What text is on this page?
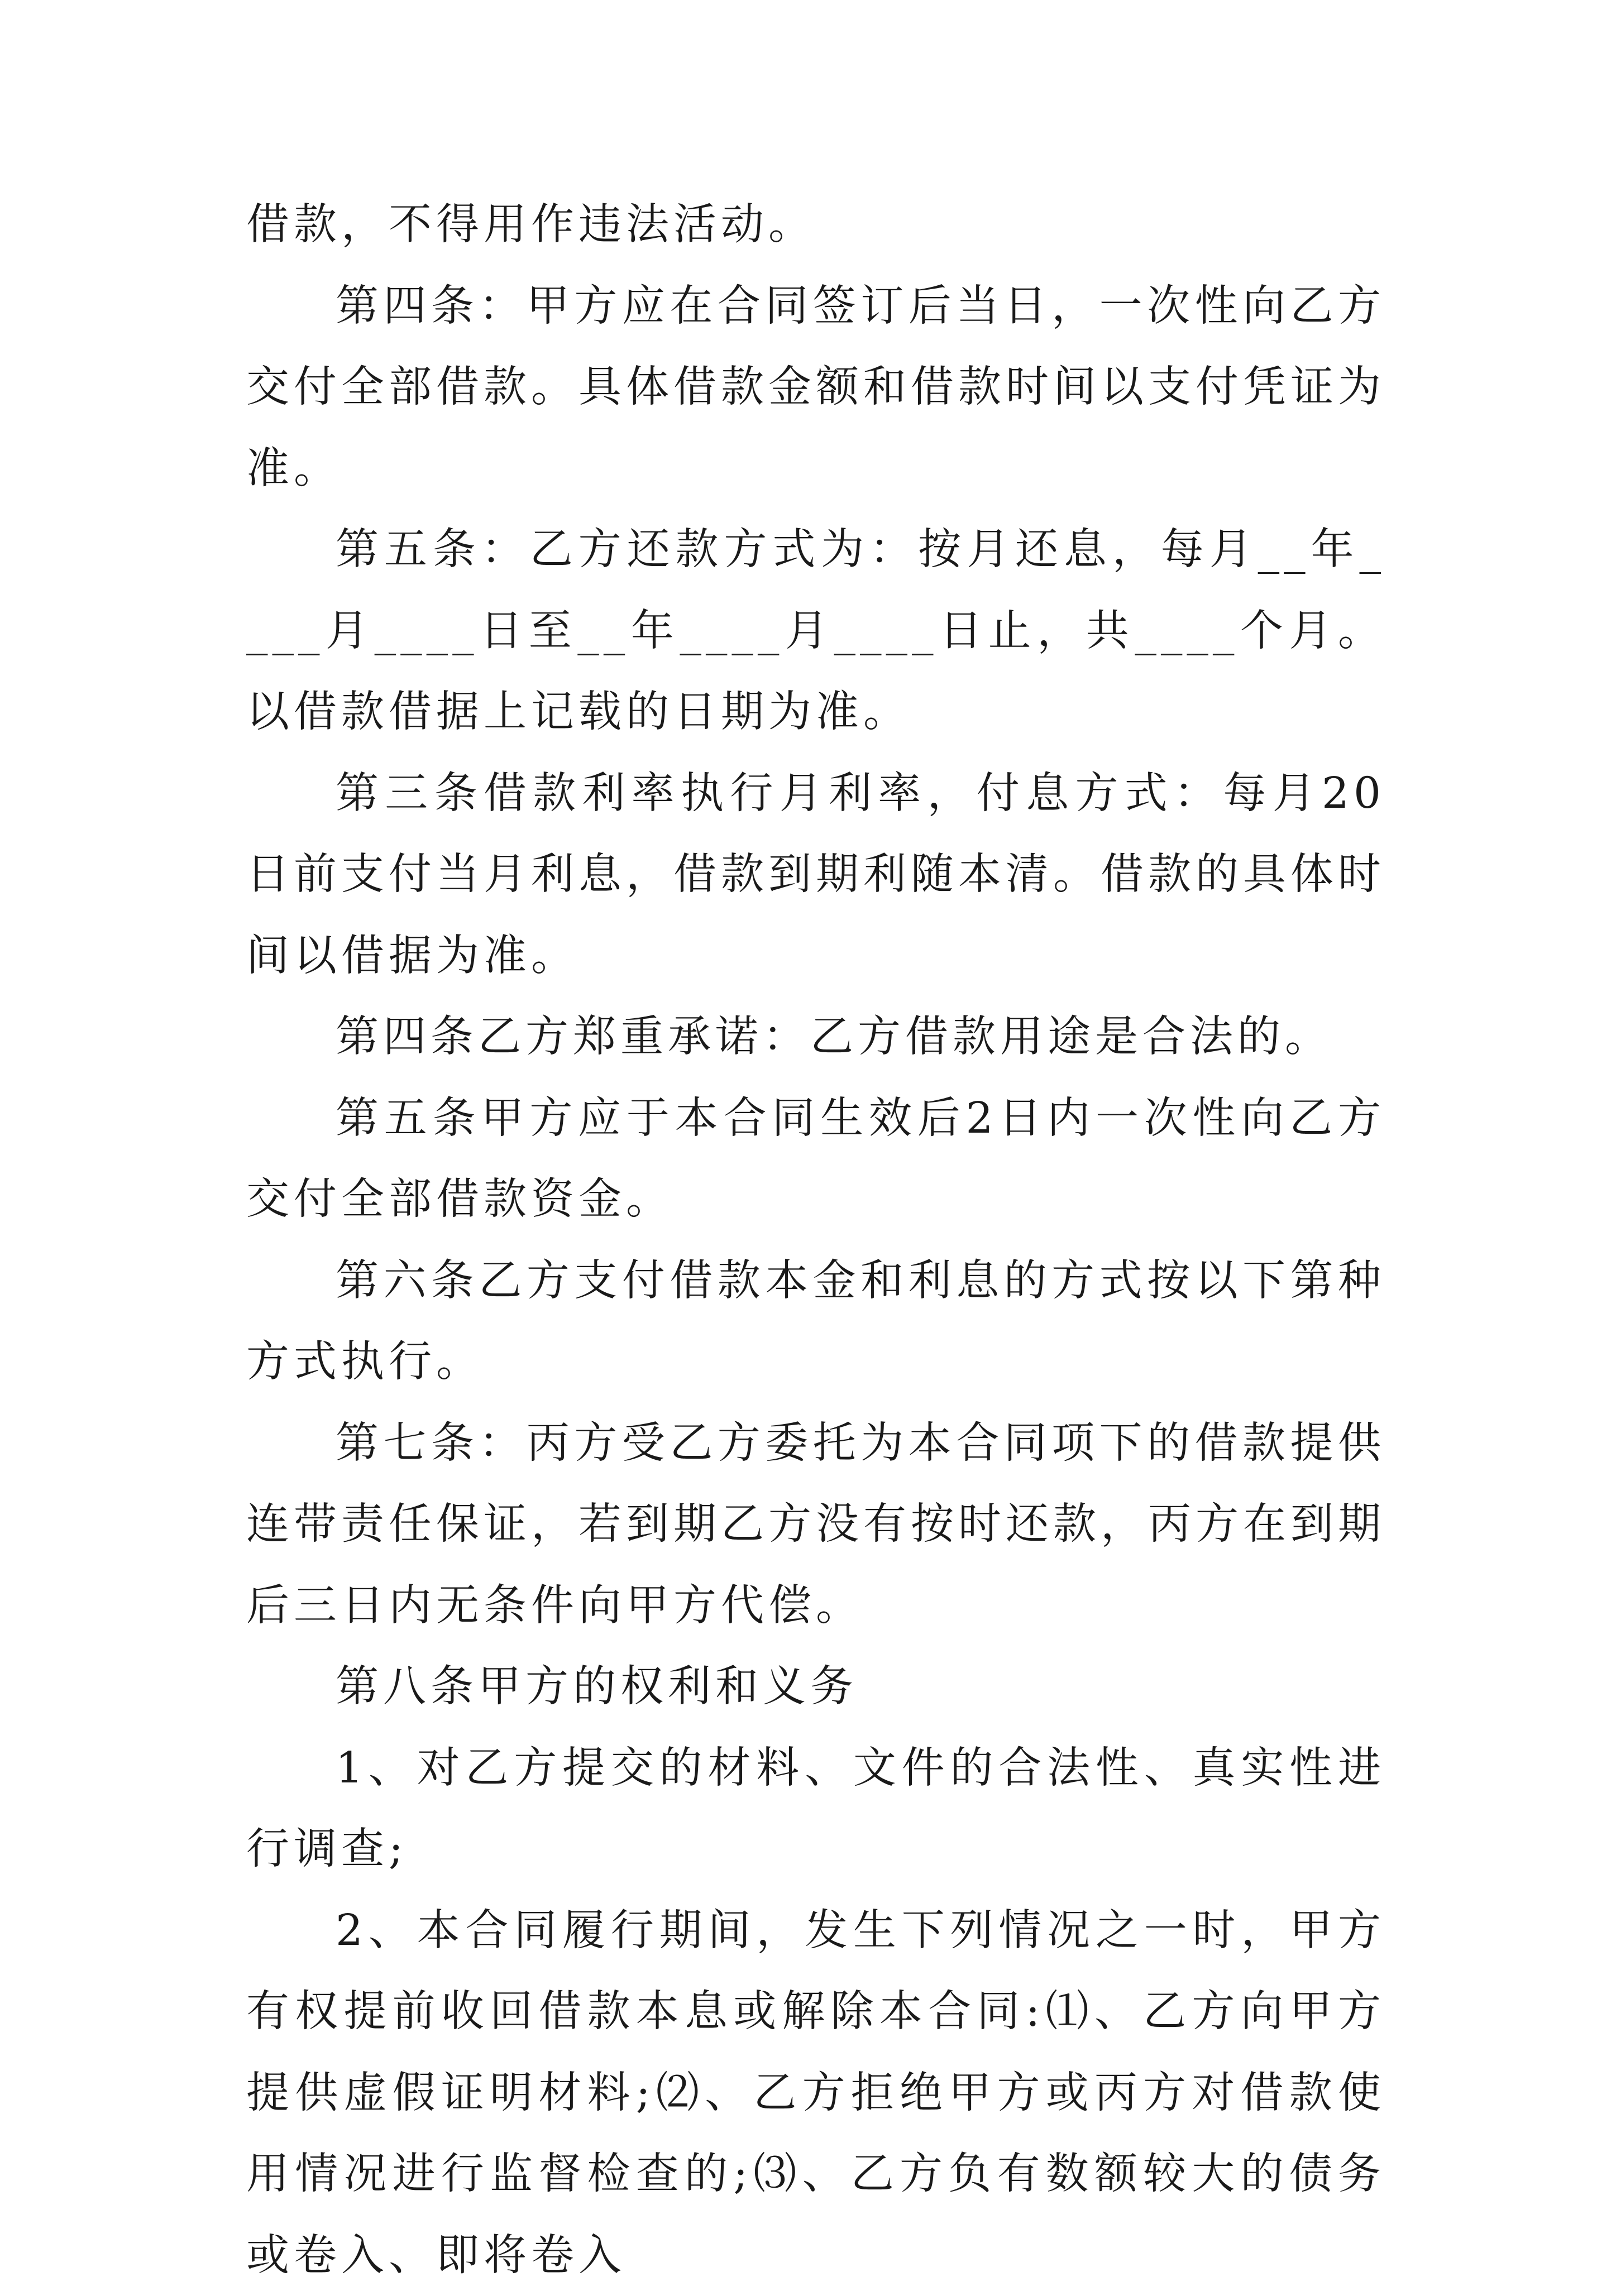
借款，不得用作违法活动。

第四条：甲方应在合同签订后当日，一次性向乙方交付全部借款。具体借款金额和借款时间以支付凭证为准。

第五条：乙方还款方式为：按月还息，每月__年____月____日至__年____月____日止，共____个月。以借款借据上记载的日期为准。

第三条借款利率执行月利率，付息方式：每月20日前支付当月利息，借款到期利随本清。借款的具体时间以借据为准。

第四条乙方郑重承诺：乙方借款用途是合法的。

第五条甲方应于本合同生效后2日内一次性向乙方交付全部借款资金。

第六条乙方支付借款本金和利息的方式按以下第种方式执行。

第七条：丙方受乙方委托为本合同项下的借款提供连带责任保证，若到期乙方没有按时还款，丙方在到期后三日内无条件向甲方代偿。

第八条甲方的权利和义务

1、对乙方提交的材料、文件的合法性、真实性进行调查;

2、本合同履行期间，发生下列情况之一时，甲方有权提前收回借款本息或解除本合同:⑴、乙方向甲方提供虚假证明材料;⑵、乙方拒绝甲方或丙方对借款使用情况进行监督检查的;⑶、乙方负有数额较大的债务或卷入、即将卷入
